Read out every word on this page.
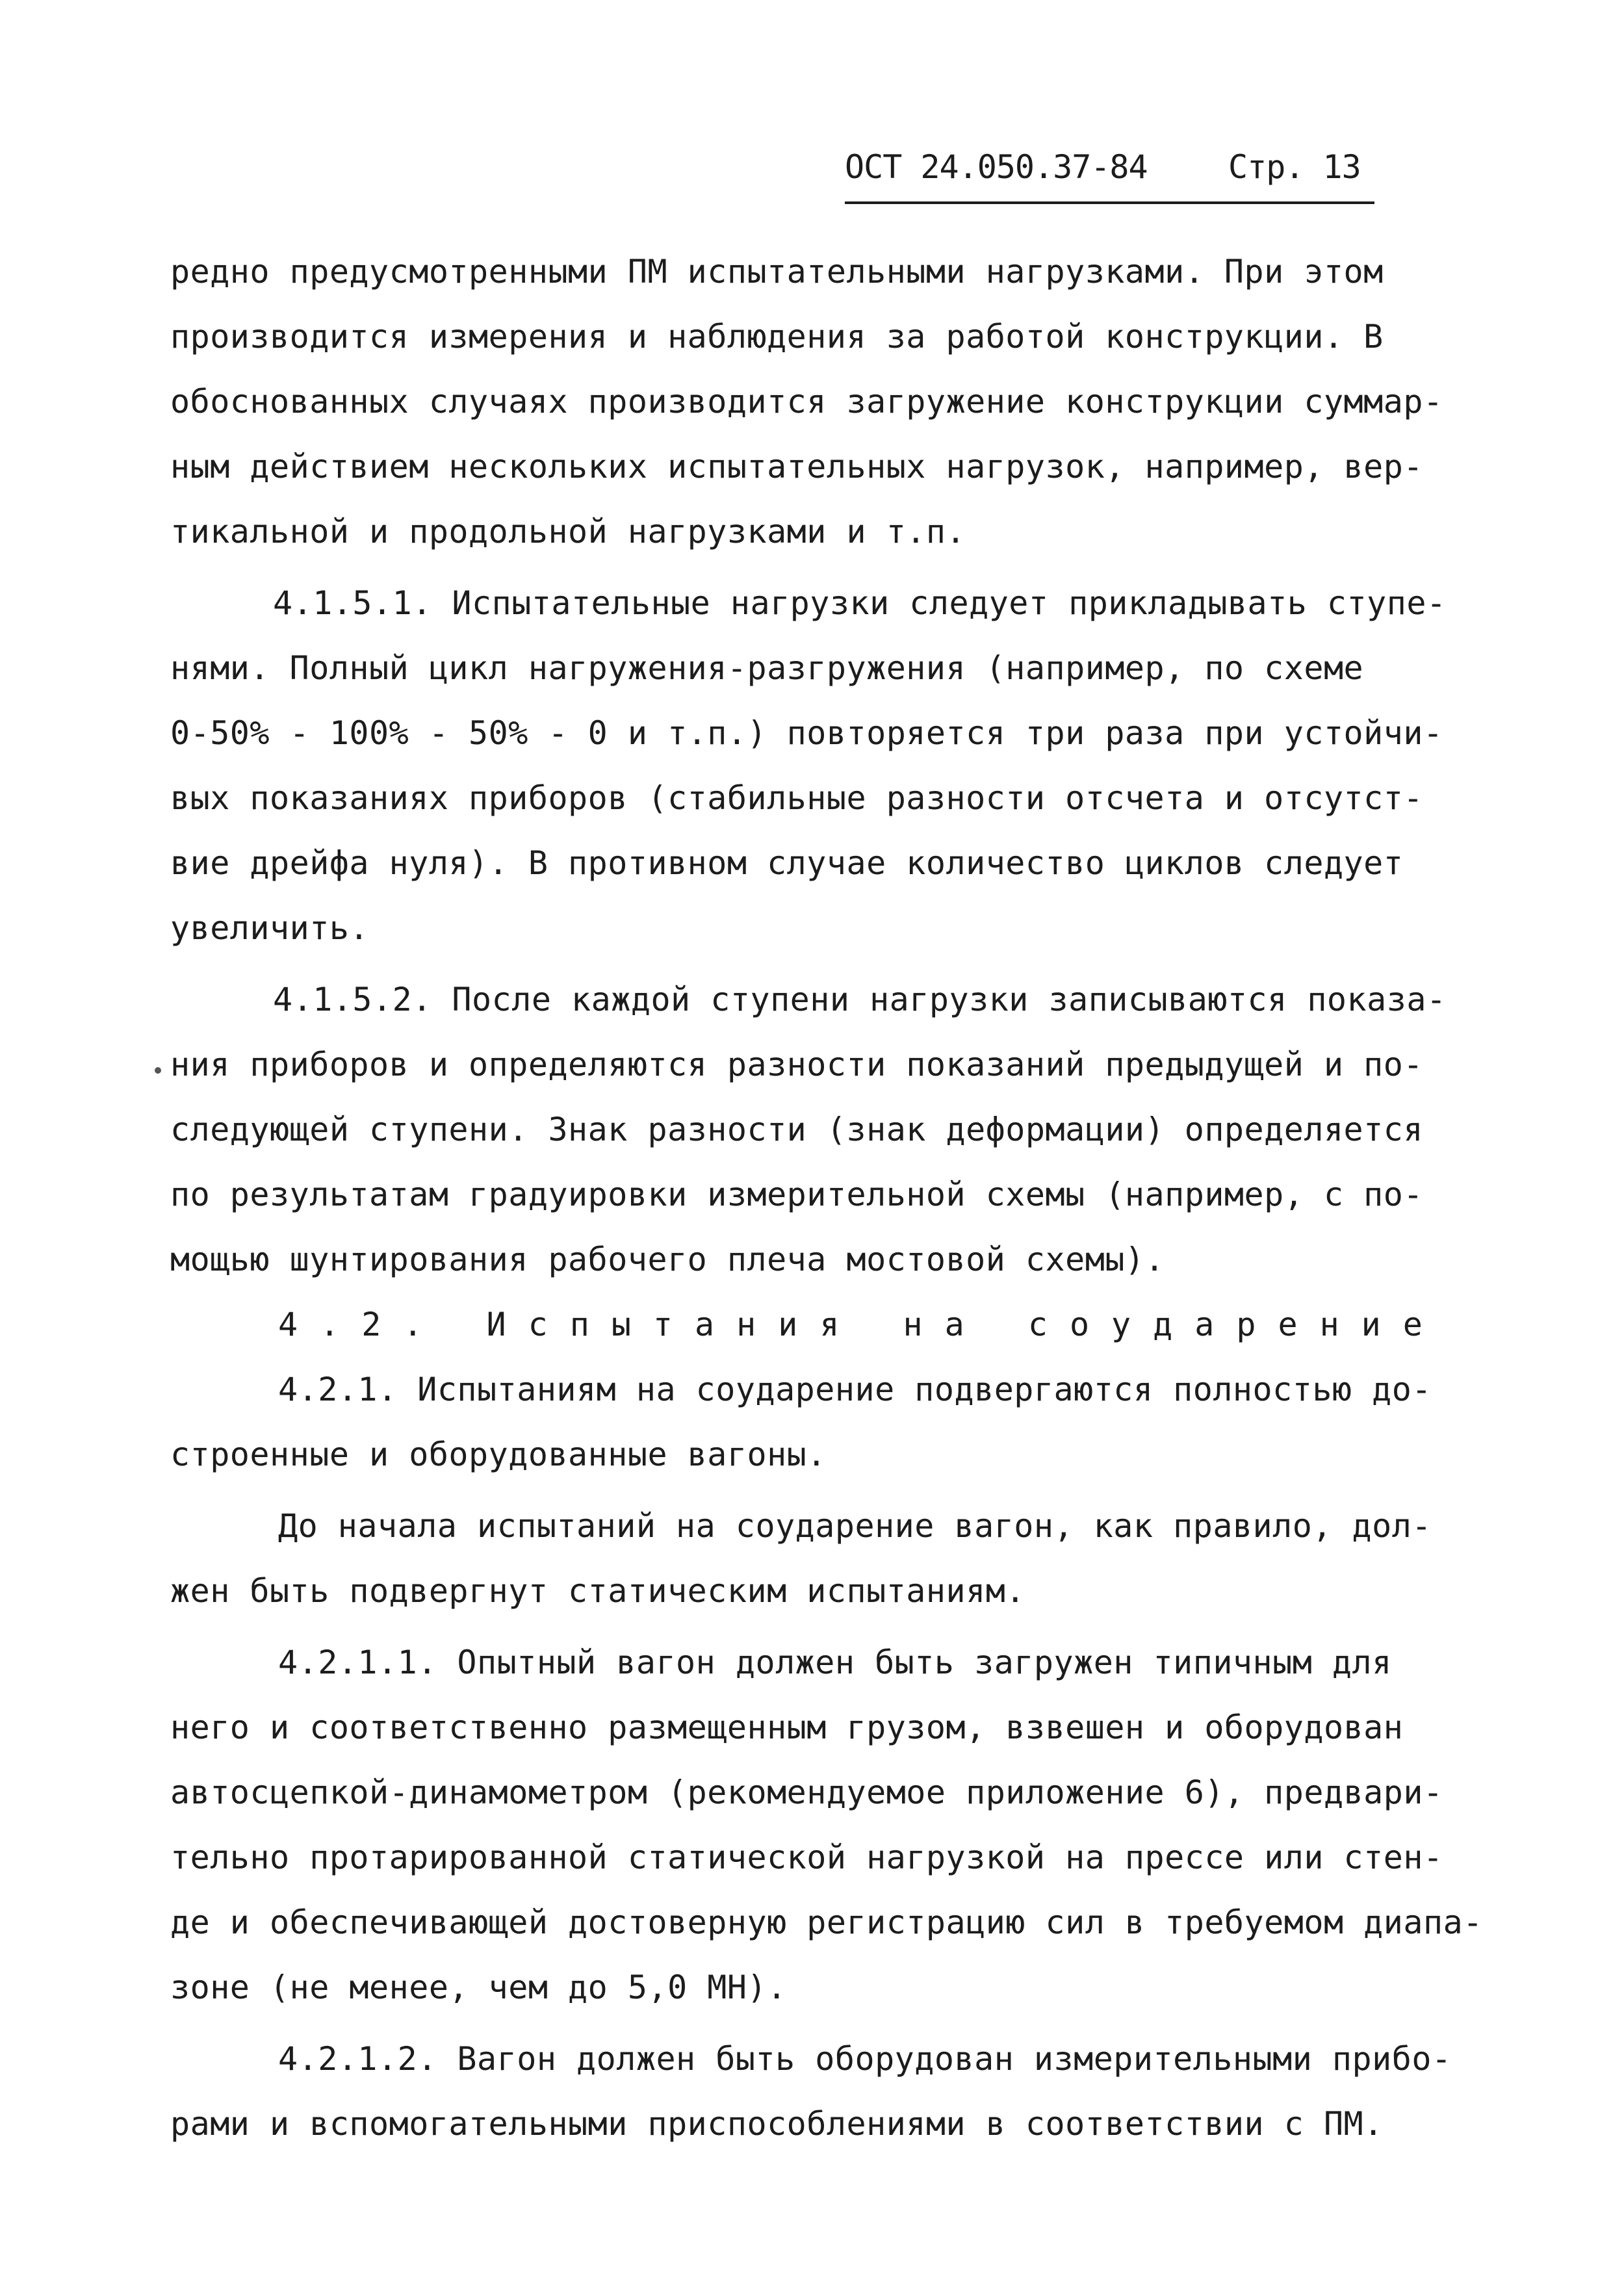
ОСТ 24.050.37-84 Стр. 13
редно предусмотренными ПМ испытательными нагрузками. При этом
производится измерения и наблюдения за работой конструкции. В
обоснованных случаях производится загружение конструкции суммар-
ным действием нескольких испытательных нагрузок, например, вер-
тикальной и продольной нагрузками и т.п.
4.1.5.1. Испытательные нагрузки следует прикладывать ступе-
нями. Полный цикл нагружения-разгружения (например, по схеме
0-50% - 100% - 50% - 0 и т.п.) повторяется три раза при устойчи-
вых показаниях приборов (стабильные разности отсчета и отсутст-
вие дрейфа нуля). В противном случае количество циклов следует
увеличить.
4.1.5.2. После каждой ступени нагрузки записываются показа-
ния приборов и определяются разности показаний предыдущей и по-
следующей ступени. Знак разности (знак деформации) определяется
по результатам градуировки измерительной схемы (например, с по-
мощью шунтирования рабочего плеча мостовой схемы).
4.2. Испытания на соударение
4.2.1. Испытаниям на соударение подвергаются полностью до-
строенные и оборудованные вагоны.
До начала испытаний на соударение вагон, как правило, дол-
жен быть подвергнут статическим испытаниям.
4.2.1.1. Опытный вагон должен быть загружен типичным для
него и соответственно размещенным грузом, взвешен и оборудован
автосцепкой-динамометром (рекомендуемое приложение 6), предвари-
тельно протарированной статической нагрузкой на прессе или стен-
де и обеспечивающей достоверную регистрацию сил в требуемом диапа-
зоне (не менее, чем до 5,0 МН).
4.2.1.2. Вагон должен быть оборудован измерительными прибо-
рами и вспомогательными приспособлениями в соответствии с ПМ.
